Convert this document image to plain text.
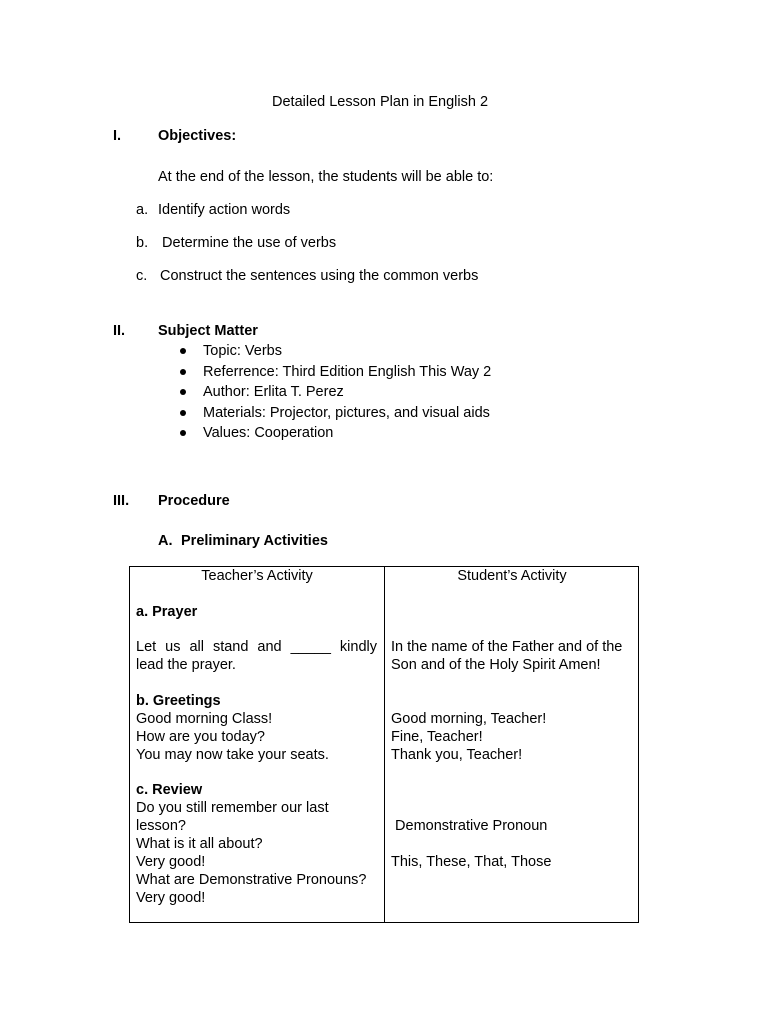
Detailed Lesson Plan in English 2
I.	Objectives:
At the end of the lesson, the students will be able to:
a. Identify action words
b. Determine the use of verbs
c. Construct the sentences using the common verbs
II. Subject Matter
Topic: Verbs
Referrence: Third Edition English This Way 2
Author: Erlita T. Perez
Materials: Projector, pictures, and visual aids
Values: Cooperation
III. Procedure
A. Preliminary Activities
Teacher’s Activity	Student’s Activity
a. Prayer
Let us all stand and _____ kindly lead the prayer.
In the name of the Father and of the
Son and of the Holy Spirit Amen!
b. Greetings
Good morning Class!
How are you today?
You may now take your seats.
Good morning, Teacher!
Fine, Teacher!
Thank you, Teacher!
c. Review
Do you still remember our last
lesson?
What is it all about?
Very good!
What are Demonstrative Pronouns?
Very good!
Demonstrative Pronoun
This, These, That, Those
